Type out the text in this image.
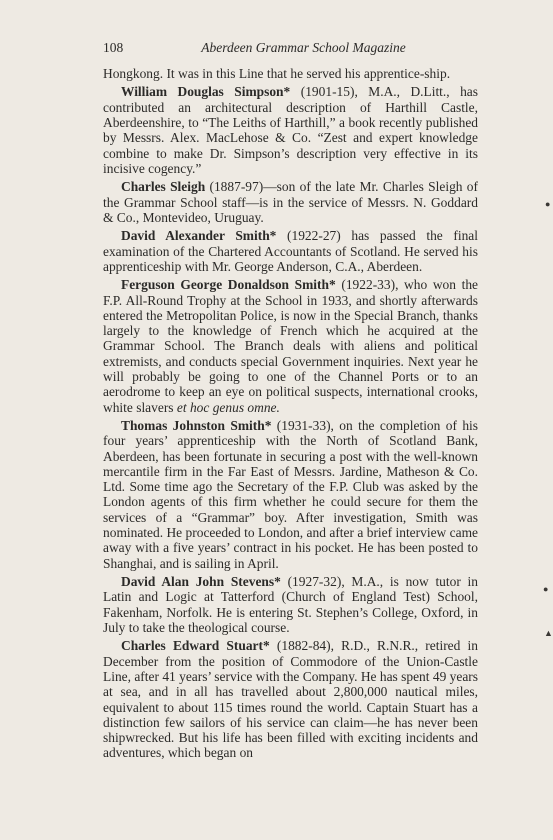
108	Aberdeen Grammar School Magazine

Hongkong. It was in this Line that he served his apprentice-ship.

William Douglas Simpson* (1901-15), M.A., D.Litt., has contributed an architectural description of Harthill Castle, Aberdeenshire, to “The Leiths of Harthill,” a book recently published by Messrs. Alex. MacLehose & Co. “Zest and expert knowledge combine to make Dr. Simpson’s description very effective in its incisive cogency.”

Charles Sleigh (1887-97)—son of the late Mr. Charles Sleigh of the Grammar School staff—is in the service of Messrs. N. Goddard & Co., Montevideo, Uruguay.

David Alexander Smith* (1922-27) has passed the final examination of the Chartered Accountants of Scotland. He served his apprenticeship with Mr. George Anderson, C.A., Aberdeen.

Ferguson George Donaldson Smith* (1922-33), who won the F.P. All-Round Trophy at the School in 1933, and shortly afterwards entered the Metropolitan Police, is now in the Special Branch, thanks largely to the knowledge of French which he acquired at the Grammar School. The Branch deals with aliens and political extremists, and conducts special Government inquiries. Next year he will probably be going to one of the Channel Ports or to an aerodrome to keep an eye on political suspects, international crooks, white slavers et hoc genus omne.

Thomas Johnston Smith* (1931-33), on the completion of his four years’ apprenticeship with the North of Scotland Bank, Aberdeen, has been fortunate in securing a post with the well-known mercantile firm in the Far East of Messrs. Jardine, Matheson & Co. Ltd. Some time ago the Secretary of the F.P. Club was asked by the London agents of this firm whether he could secure for them the services of a “Grammar” boy. After investigation, Smith was nominated. He proceeded to London, and after a brief interview came away with a five years’ contract in his pocket. He has been posted to Shanghai, and is sailing in April.

David Alan John Stevens* (1927-32), M.A., is now tutor in Latin and Logic at Tatterford (Church of England Test) School, Fakenham, Norfolk. He is entering St. Stephen’s College, Oxford, in July to take the theological course.

Charles Edward Stuart* (1882-84), R.D., R.N.R., retired in December from the position of Commodore of the Union-Castle Line, after 41 years’ service with the Company. He has spent 49 years at sea, and in all has travelled about 2,800,000 nautical miles, equivalent to about 115 times round the world. Captain Stuart has a distinction few sailors of his service can claim—he has never been shipwrecked. But his life has been filled with exciting incidents and adventures, which began on

●
●
▲
